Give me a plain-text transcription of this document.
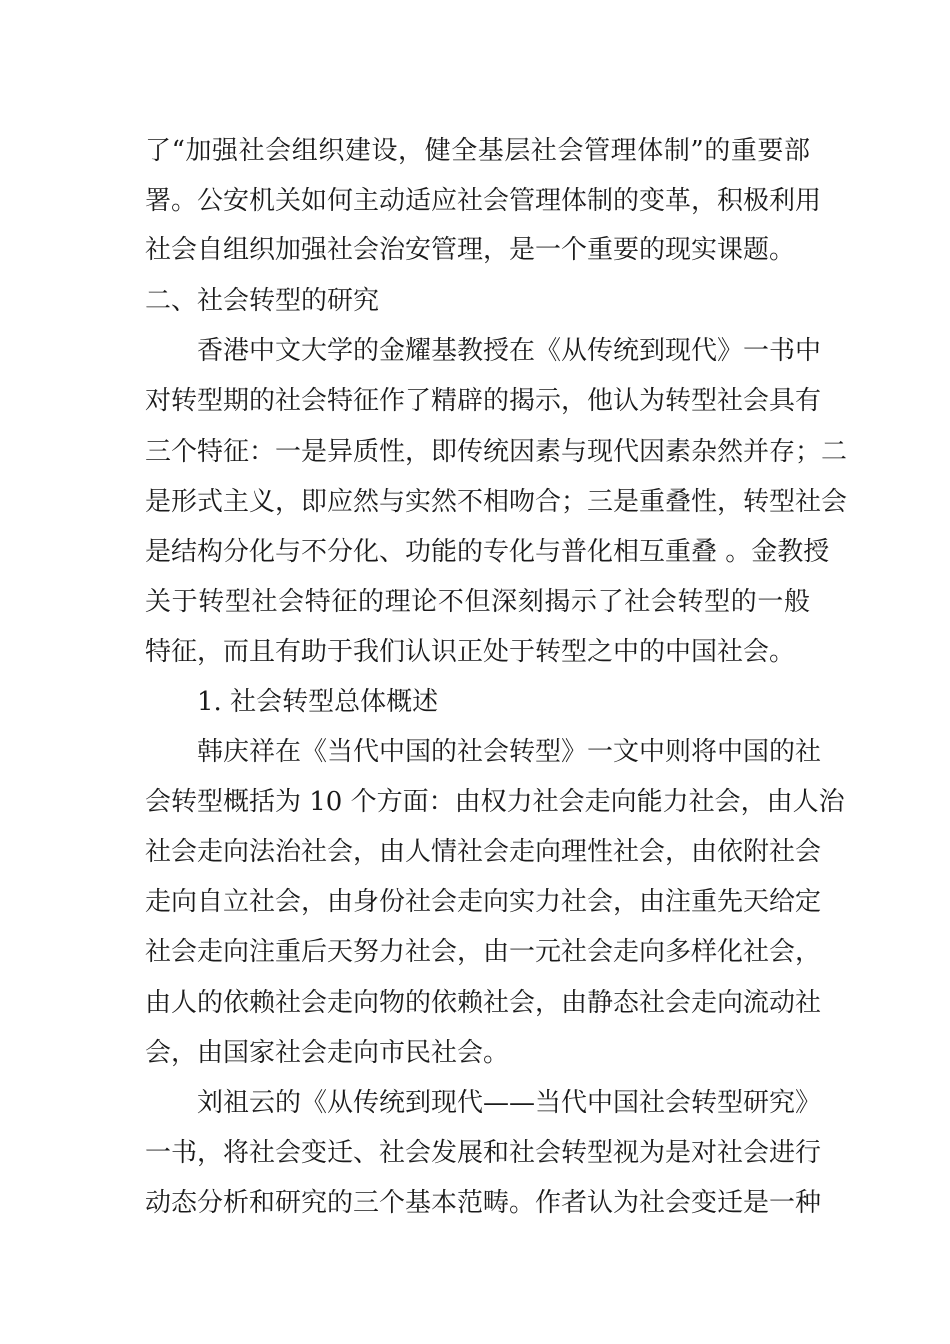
了“加强社会组织建设，健全基层社会管理体制”的重要部
署。公安机关如何主动适应社会管理体制的变革，积极利用
社会自组织加强社会治安管理，是一个重要的现实课题。
二、社会转型的研究
香港中文大学的金耀基教授在《从传统到现代》一书中
对转型期的社会特征作了精辟的揭示，他认为转型社会具有
三个特征：一是异质性，即传统因素与现代因素杂然并存；二
是形式主义，即应然与实然不相吻合；三是重叠性，转型社会
是结构分化与不分化、功能的专化与普化相互重叠 。金教授
关于转型社会特征的理论不但深刻揭示了社会转型的一般
特征，而且有助于我们认识正处于转型之中的中国社会。
1. 社会转型总体概述
韩庆祥在《当代中国的社会转型》一文中则将中国的社
会转型概括为 10 个方面：由权力社会走向能力社会，由人治
社会走向法治社会，由人情社会走向理性社会，由依附社会
走向自立社会，由身份社会走向实力社会，由注重先天给定
社会走向注重后天努力社会，由一元社会走向多样化社会，
由人的依赖社会走向物的依赖社会，由静态社会走向流动社
会，由国家社会走向市民社会。
刘祖云的《从传统到现代——当代中国社会转型研究》
一书，将社会变迁、社会发展和社会转型视为是对社会进行
动态分析和研究的三个基本范畴。作者认为社会变迁是一种
